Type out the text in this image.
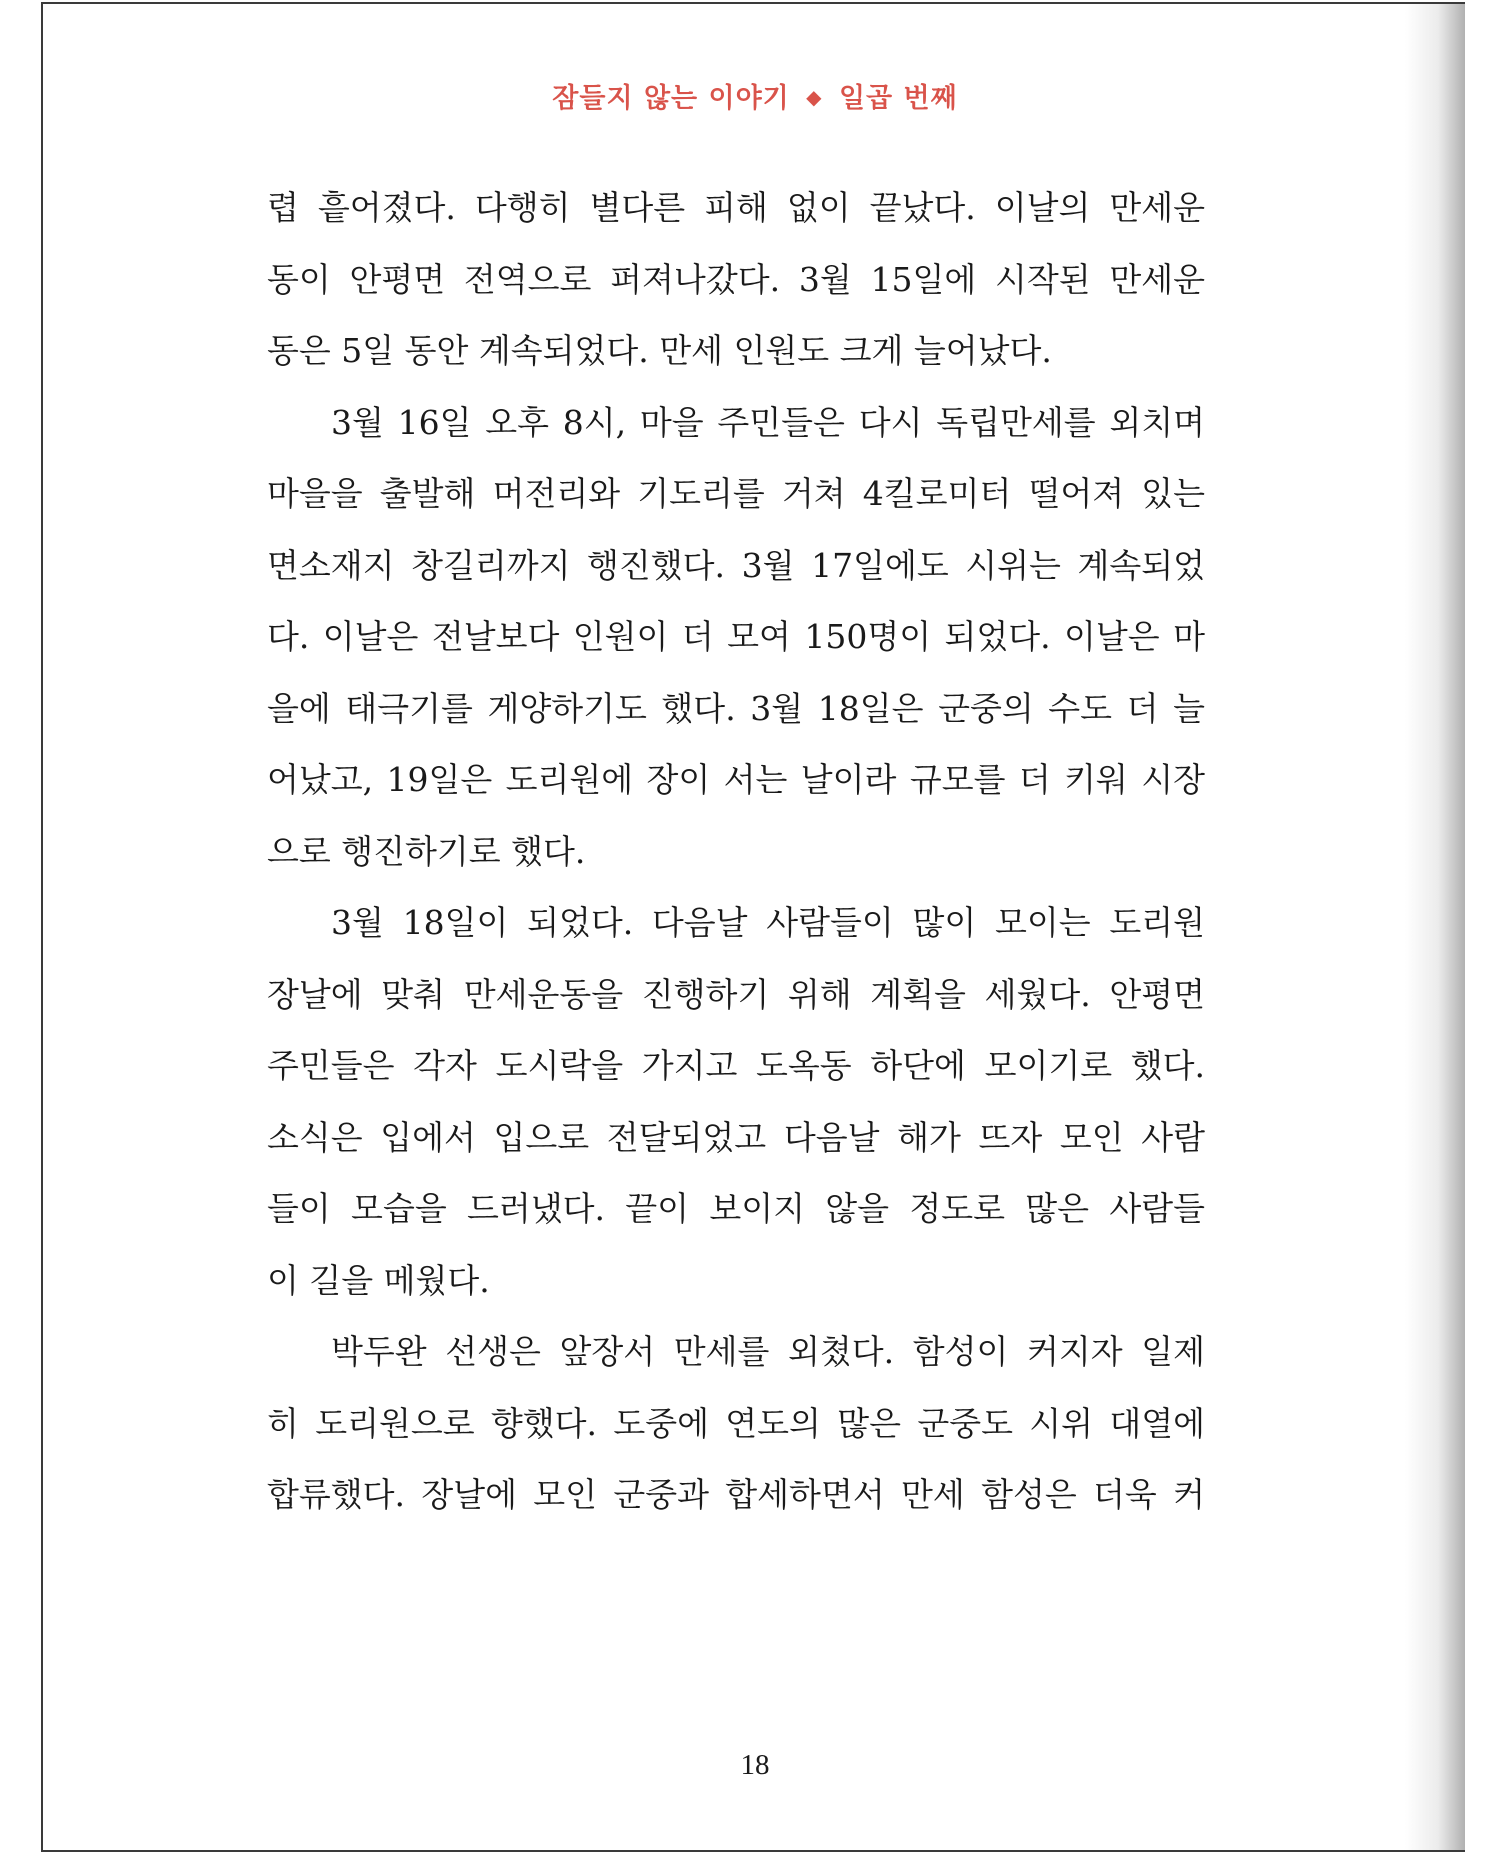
잠들지 않는 이야기 ◆ 일곱 번째
렵 흩어졌다. 다행히 별다른 피해 없이 끝났다. 이날의 만세운
동이 안평면 전역으로 퍼져나갔다. 3월 15일에 시작된 만세운
동은 5일 동안 계속되었다. 만세 인원도 크게 늘어났다.
3월 16일 오후 8시, 마을 주민들은 다시 독립만세를 외치며
마을을 출발해 머전리와 기도리를 거쳐 4킬로미터 떨어져 있는
면소재지 창길리까지 행진했다. 3월 17일에도 시위는 계속되었
다. 이날은 전날보다 인원이 더 모여 150명이 되었다. 이날은 마
을에 태극기를 게양하기도 했다. 3월 18일은 군중의 수도 더 늘
어났고, 19일은 도리원에 장이 서는 날이라 규모를 더 키워 시장
으로 행진하기로 했다.
3월 18일이 되었다. 다음날 사람들이 많이 모이는 도리원
장날에 맞춰 만세운동을 진행하기 위해 계획을 세웠다. 안평면
주민들은 각자 도시락을 가지고 도옥동 하단에 모이기로 했다.
소식은 입에서 입으로 전달되었고 다음날 해가 뜨자 모인 사람
들이 모습을 드러냈다. 끝이 보이지 않을 정도로 많은 사람들
이 길을 메웠다.
박두완 선생은 앞장서 만세를 외쳤다. 함성이 커지자 일제
히 도리원으로 향했다. 도중에 연도의 많은 군중도 시위 대열에
합류했다. 장날에 모인 군중과 합세하면서 만세 함성은 더욱 커
18
